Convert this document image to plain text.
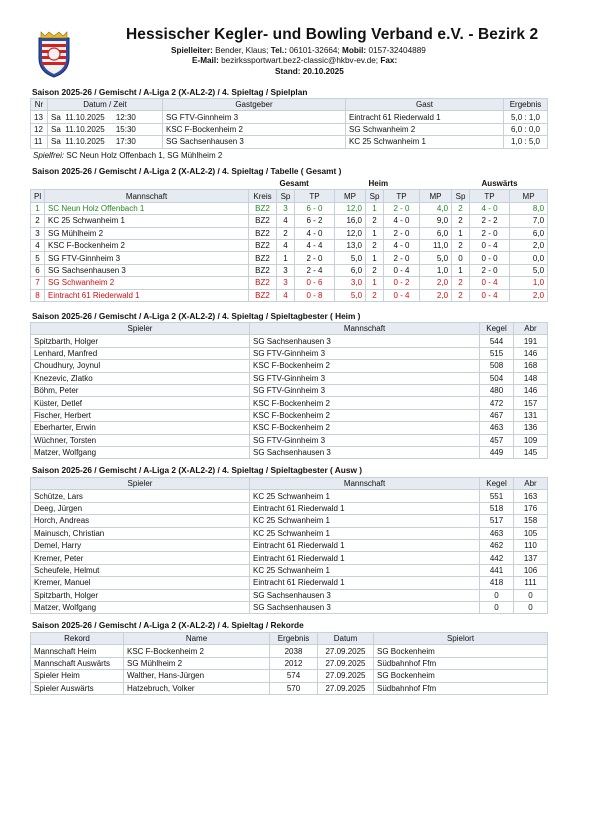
Hessischer Kegler- und Bowling Verband e.V. - Bezirk 2
Spielleiter: Bender, Klaus; Tel.: 06101-32664; Mobil: 0157-32404889
E-Mail: bezirkssportwart.bez2-classic@hkbv-ev.de; Fax:
Stand: 20.10.2025
Saison 2025-26 / Gemischt / A-Liga 2 (X-AL2-2) / 4. Spieltag / Spielplan
Nr	Datum / Zeit	Gastgeber	Gast	Ergebnis
13	Sa 11.10.2025 12:30	SG FTV-Ginnheim 3	Eintracht 61 Riederwald 1	5,0 : 1,0
12	Sa 11.10.2025 15:30	KSC F-Bockenheim 2	SG Schwanheim 2	6,0 : 0,0
11	Sa 11.10.2025 17:30	SG Sachsenhausen 3	KC 25 Schwanheim 1	1,0 : 5,0
Spielfrei: SC Neun Holz Offenbach 1, SG Mühlheim 2
Saison 2025-26 / Gemischt / A-Liga 2 (X-AL2-2) / 4. Spieltag / Tabelle ( Gesamt )
			Gesamt			Heim			Auswärts		
Pl	Mannschaft	Kreis	Sp	TP	MP	Sp	TP	MP	Sp	TP	MP
1	SC Neun Holz Offenbach 1	BZ2	3	6 - 0	12,0	1	2 - 0	4,0	2	4 - 0	8,0
2	KC 25 Schwanheim 1	BZ2	4	6 - 2	16,0	2	4 - 0	9,0	2	2 - 2	7,0
3	SG Mühlheim 2	BZ2	2	4 - 0	12,0	1	2 - 0	6,0	1	2 - 0	6,0
4	KSC F-Bockenheim 2	BZ2	4	4 - 4	13,0	2	4 - 0	11,0	2	0 - 4	2,0
5	SG FTV-Ginnheim 3	BZ2	1	2 - 0	5,0	1	2 - 0	5,0	0	0 - 0	0,0
6	SG Sachsenhausen 3	BZ2	3	2 - 4	6,0	2	0 - 4	1,0	1	2 - 0	5,0
7	SG Schwanheim 2	BZ2	3	0 - 6	3,0	1	0 - 2	2,0	2	0 - 4	1,0
8	Eintracht 61 Riederwald 1	BZ2	4	0 - 8	5,0	2	0 - 4	2,0	2	0 - 4	2,0
Saison 2025-26 / Gemischt / A-Liga 2 (X-AL2-2) / 4. Spieltag / Spieltagbester ( Heim )
Spieler	Mannschaft	Kegel	Abr
Spitzbarth, Holger	SG Sachsenhausen 3	544	191
Lenhard, Manfred	SG FTV-Ginnheim 3	515	146
Choudhury, Joynul	KSC F-Bockenheim 2	508	168
Knezevic, Zlatko	SG FTV-Ginnheim 3	504	148
Böhm, Peter	SG FTV-Ginnheim 3	480	146
Küster, Detlef	KSC F-Bockenheim 2	472	157
Fischer, Herbert	KSC F-Bockenheim 2	467	131
Eberharter, Erwin	KSC F-Bockenheim 2	463	136
Wüchner, Torsten	SG FTV-Ginnheim 3	457	109
Matzer, Wolfgang	SG Sachsenhausen 3	449	145
Saison 2025-26 / Gemischt / A-Liga 2 (X-AL2-2) / 4. Spieltag / Spieltagbester ( Ausw )
Spieler	Mannschaft	Kegel	Abr
Schütze, Lars	KC 25 Schwanheim 1	551	163
Deeg, Jürgen	Eintracht 61 Riederwald 1	518	176
Horch, Andreas	KC 25 Schwanheim 1	517	158
Mainusch, Christian	KC 25 Schwanheim 1	463	105
Demel, Harry	Eintracht 61 Riederwald 1	462	110
Kremer, Peter	Eintracht 61 Riederwald 1	442	137
Scheufele, Helmut	KC 25 Schwanheim 1	441	106
Kremer, Manuel	Eintracht 61 Riederwald 1	418	111
Spitzbarth, Holger	SG Sachsenhausen 3	0	0
Matzer, Wolfgang	SG Sachsenhausen 3	0	0
Saison 2025-26 / Gemischt / A-Liga 2 (X-AL2-2) / 4. Spieltag / Rekorde
Rekord	Name	Ergebnis	Datum	Spielort
Mannschaft Heim	KSC F-Bockenheim 2	2038	27.09.2025	SG Bockenheim
Mannschaft Auswärts	SG Mühlheim 2	2012	27.09.2025	Südbahnhof Ffm
Spieler Heim	Walther, Hans-Jürgen	574	27.09.2025	SG Bockenheim
Spieler Auswärts	Hatzebruch, Volker	570	27.09.2025	Südbahnhof Ffm
